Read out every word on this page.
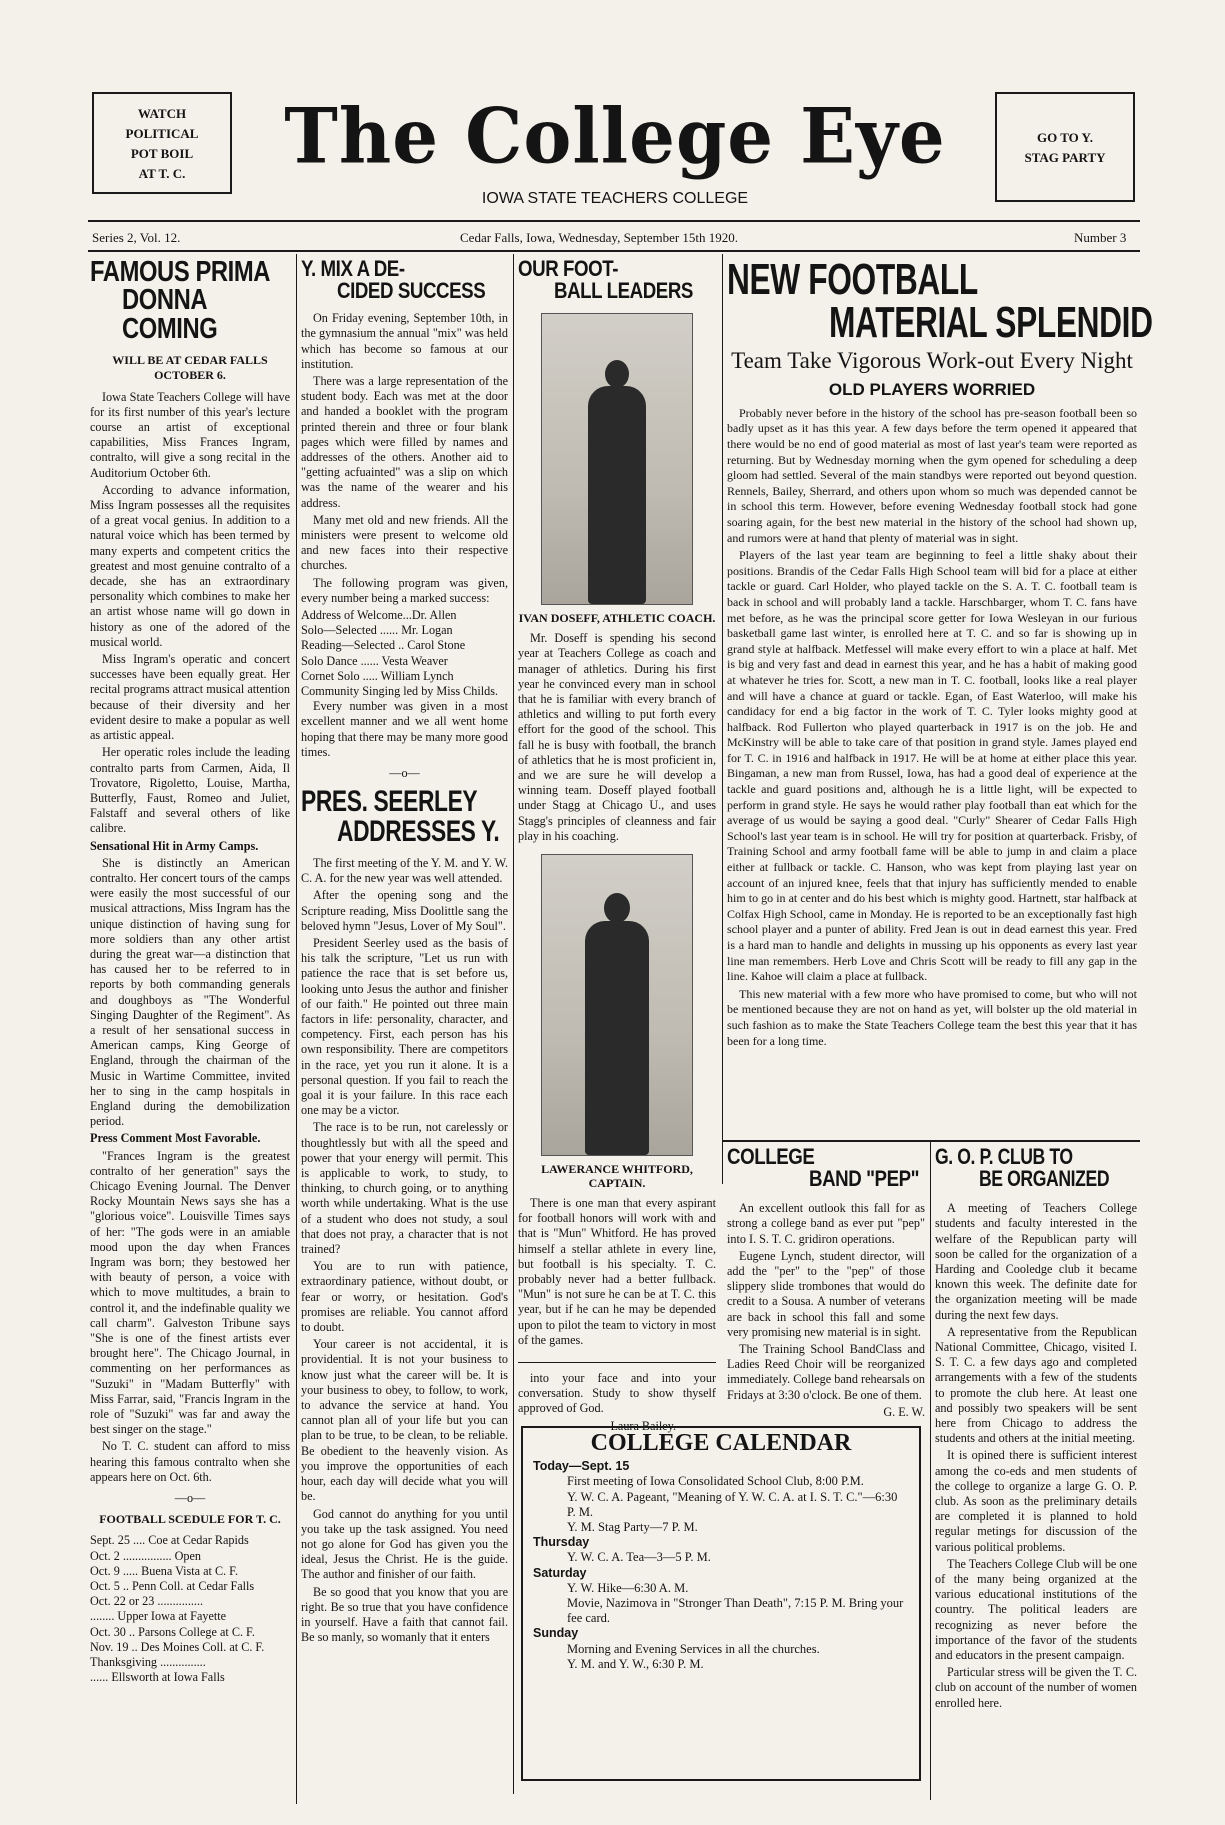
WATCH
POLITICAL
POT BOIL
AT T. C.
GO TO Y.
STAG PARTY
The College Eye
IOWA STATE TEACHERS COLLEGE
Series 2, Vol. 12.	Cedar Falls, Iowa, Wednesday, September 15th 1920.	Number 3
FAMOUS PRIMA
DONNA COMING
WILL BE AT CEDAR FALLS OCTOBER 6.

Iowa State Teachers College will have for its first number of this year's lecture course an artist of exceptional capabilities, Miss Frances Ingram, contralto, will give a song recital in the Auditorium October 6th.

According to advance information, Miss Ingram possesses all the requisites of a great vocal genius. In addition to a natural voice which has been termed by many experts and competent critics the greatest and most genuine contralto of a decade, she has an extraordinary personality which combines to make her an artist whose name will go down in history as one of the adored of the musical world.

Miss Ingram's operatic and concert successes have been equally great. Her recital programs attract musical attention because of their diversity and her evident desire to make a popular as well as artistic appeal.

Her operatic roles include the leading contralto parts from Carmen, Aida, Il Trovatore, Rigoletto, Louise, Martha, Butterfly, Faust, Romeo and Juliet, Falstaff and several others of like calibre.

Sensational Hit in Army Camps.

She is distinctly an American contralto. Her concert tours of the camps were easily the most successful of our musical attractions, Miss Ingram has the unique distinction of having sung for more soldiers than any other artist during the great war—a distinction that has caused her to be referred to in reports by both commanding generals and doughboys as "The Wonderful Singing Daughter of the Regiment". As a result of her sensational success in American camps, King George of England, through the chairman of the Music in Wartime Committee, invited her to sing in the camp hospitals in England during the demobilization period.

Press Comment Most Favorable.

"Frances Ingram is the greatest contralto of her generation" says the Chicago Evening Journal. The Denver Rocky Mountain News says she has a "glorious voice". Louisville Times says of her: "The gods were in an amiable mood upon the day when Frances Ingram was born; they bestowed her with beauty of person, a voice with which to move multitudes, a brain to control it, and the indefinable quality we call charm". Galveston Tribune says "She is one of the finest artists ever brought here". The Chicago Journal, in commenting on her performances as "Suzuki" in "Madam Butterfly" with Miss Farrar, said, "Francis Ingram in the role of "Suzuki" was far and away the best singer on the stage."

No T. C. student can afford to miss hearing this famous contralto when she appears here on Oct. 6th.

—o—
FOOTBALL SCEDULE FOR T. C.
Sept. 25 .... Coe at Cedar Rapids
Oct. 2 ................ Open
Oct. 9 ..... Buena Vista at C. F.
Oct. 5 .. Penn Coll. at Cedar Falls
Oct. 22 or 23 ...............
........ Upper Iowa at Fayette
Oct. 30 .. Parsons College at C. F.
Nov. 19 .. Des Moines Coll. at C. F.
Thanksgiving ...............
...... Ellsworth at Iowa Falls
Y. MIX A DE-
CIDED SUCCESS

On Friday evening, September 10th, in the gymnasium the annual "mix" was held which has become so famous at our institution.

There was a large representation of the student body. Each was met at the door and handed a booklet with the program printed therein and three or four blank pages which were filled by names and addresses of the others. Another aid to "getting acfuainted" was a slip on which was the name of the wearer and his address.

Many met old and new friends. All the ministers were present to welcome old and new faces into their respective churches.

The following program was given, every number being a marked success:

Address of Welcome...Dr. Allen
Solo—Selected ...... Mr. Logan
Reading—Selected .. Carol Stone
Solo Dance ...... Vesta Weaver
Cornet Solo ..... William Lynch
Community Singing led by Miss Childs.

Every number was given in a most excellent manner and we all went home hoping that there may be many more good times.

—o—
PRES. SEERLEY
ADDRESSES Y.

The first meeting of the Y. M. and Y. W. C. A. for the new year was well attended.

After the opening song and the Scripture reading, Miss Doolittle sang the beloved hymn "Jesus, Lover of My Soul".

President Seerley used as the basis of his talk the scripture, "Let us run with patience the race that is set before us, looking unto Jesus the author and finisher of our faith." He pointed out three main factors in life: personality, character, and competency. First, each person has his own responsibility. There are competitors in the race, yet you run it alone. It is a personal question. If you fail to reach the goal it is your failure. In this race each one may be a victor.

The race is to be run, not carelessly or thoughtlessly but with all the speed and power that your energy will permit. This is applicable to work, to study, to thinking, to church going, or to anything worth while undertaking. What is the use of a student who does not study, a soul that does not pray, a character that is not trained?

You are to run with patience, extraordinary patience, without doubt, or fear or worry, or hesitation. God's promises are reliable. You cannot afford to doubt.

Your career is not accidental, it is providential. It is not your business to know just what the career will be. It is your business to obey, to follow, to work, to advance the service at hand. You cannot plan all of your life but you can plan to be true, to be clean, to be reliable. Be obedient to the heavenly vision. As you improve the opportunities of each hour, each day will decide what you will be.

God cannot do anything for you until you take up the task assigned. You need not go alone for God has given you the ideal, Jesus the Christ. He is the guide. The author and finisher of our faith.

Be so good that you know that you are right. Be so true that you have confidence in yourself. Have a faith that cannot fail. Be so manly, so womanly that it enters

OUR FOOT-
BALL LEADERS
IVAN DOSEFF, ATHLETIC COACH.

Mr. Doseff is spending his second year at Teachers College as coach and manager of athletics. During his first year he convinced every man in school that he is familiar with every branch of athletics and willing to put forth every effort for the good of the school. This fall he is busy with football, the branch of athletics that he is most proficient in, and we are sure he will develop a winning team. Doseff played football under Stagg at Chicago U., and uses Stagg's principles of cleanness and fair play in his coaching.

LAWERANCE WHITFORD, CAPTAIN.

There is one man that every aspirant for football honors will work with and that is "Mun" Whitford. He has proved himself a stellar athlete in every line, but football is his specialty. T. C. probably never had a better fullback. "Mun" is not sure he can be at T. C. this year, but if he can he may be depended upon to pilot the team to victory in most of the games.

into your face and into your conversation. Study to show thyself approved of God.

Laura Bailey.
NEW FOOTBALL
MATERIAL SPLENDID
Team Take Vigorous Work-out Every Night
OLD PLAYERS WORRIED

Probably never before in the history of the school has pre-season football been so badly upset as it has this year. A few days before the term opened it appeared that there would be no end of good material as most of last year's team were reported as returning. But by Wednesday morning when the gym opened for scheduling a deep gloom had settled. Several of the main standbys were reported out beyond question. Rennels, Bailey, Sherrard, and others upon whom so much was depended cannot be in school this term. However, before evening Wednesday football stock had gone soaring again, for the best new material in the history of the school had shown up, and rumors were at hand that plenty of material was in sight.

Players of the last year team are beginning to feel a little shaky about their positions. Brandis of the Cedar Falls High School team will bid for a place at either tackle or guard. Carl Holder, who played tackle on the S. A. T. C. football team is back in school and will probably land a tackle. Harschbarger, whom T. C. fans have met before, as he was the principal score getter for Iowa Wesleyan in our furious basketball game last winter, is enrolled here at T. C. and so far is showing up in grand style at halfback. Metfessel will make every effort to win a place at half. Met is big and very fast and dead in earnest this year, and he has a habit of making good at whatever he tries for. Scott, a new man in T. C. football, looks like a real player and will have a chance at guard or tackle. Egan, of East Waterloo, will make his candidacy for end a big factor in the work of T. C. Tyler looks mighty good at halfback. Rod Fullerton who played quarterback in 1917 is on the job. He and McKinstry will be able to take care of that position in grand style. James played end for T. C. in 1916 and halfback in 1917. He will be at home at either place this year. Bingaman, a new man from Russel, Iowa, has had a good deal of experience at the tackle and guard positions and, although he is a little light, will be expected to perform in grand style. He says he would rather play football than eat which for the average of us would be saying a good deal. "Curly" Shearer of Cedar Falls High School's last year team is in school. He will try for position at quarterback. Frisby, of Training School and army football fame will be able to jump in and claim a place either at fullback or tackle. C. Hanson, who was kept from playing last year on account of an injured knee, feels that that injury has sufficiently mended to enable him to go in at center and do his best which is mighty good. Hartnett, star halfback at Colfax High School, came in Monday. He is reported to be an exceptionally fast high school player and a punter of ability. Fred Jean is out in dead earnest this year. Fred is a hard man to handle and delights in mussing up his opponents as every last year line man remembers. Herb Love and Chris Scott will be ready to fill any gap in the line. Kahoe will claim a place at fullback.

This new material with a few more who have promised to come, but who will not be mentioned because they are not on hand as yet, will bolster up the old material in such fashion as to make the State Teachers College team the best this year that it has been for a long time.

COLLEGE
BAND "PEP"

An excellent outlook this fall for as strong a college band as ever put "pep" into I. S. T. C. gridiron operations.

Eugene Lynch, student director, will add the "per" to the "pep" of those slippery slide trombones that would do credit to a Sousa. A number of veterans are back in school this fall and some very promising new material is in sight.

The Training School BandClass and Ladies Reed Choir will be reorganized immediately. College band rehearsals on Fridays at 3:30 o'clock. Be one of them.

G. E. W.
G. O. P. CLUB TO
BE ORGANIZED

A meeting of Teachers College students and faculty interested in the welfare of the Republican party will soon be called for the organization of a Harding and Cooledge club it became known this week. The definite date for the organization meeting will be made during the next few days.

A representative from the Republican National Committee, Chicago, visited I. S. T. C. a few days ago and completed arrangements with a few of the students to promote the club here. At least one and possibly two speakers will be sent here from Chicago to address the students and others at the initial meeting.

It is opined there is sufficient interest among the co-eds and men students of the college to organize a large G. O. P. club. As soon as the preliminary details are completed it is planned to hold regular metings for discussion of the various political problems.

The Teachers College Club will be one of the many being organized at the various educational institutions of the country. The political leaders are recognizing as never before the importance of the favor of the students and educators in the present campaign.

Particular stress will be given the T. C. club on account of the number of women enrolled here.

COLLEGE CALENDAR
Today—Sept. 15
First meeting of Iowa Consolidated School Club, 8:00 P.M.
Y. W. C. A. Pageant, "Meaning of Y. W. C. A. at I. S. T. C."—6:30 P. M.
Y. M. Stag Party—7 P. M.
Thursday
Y. W. C. A. Tea—3—5 P. M.
Saturday
Y. W. Hike—6:30 A. M.
Movie, Nazimova in "Stronger Than Death", 7:15 P. M. Bring your fee card.
Sunday
Morning and Evening Services in all the churches.
Y. M. and Y. W., 6:30 P. M.
